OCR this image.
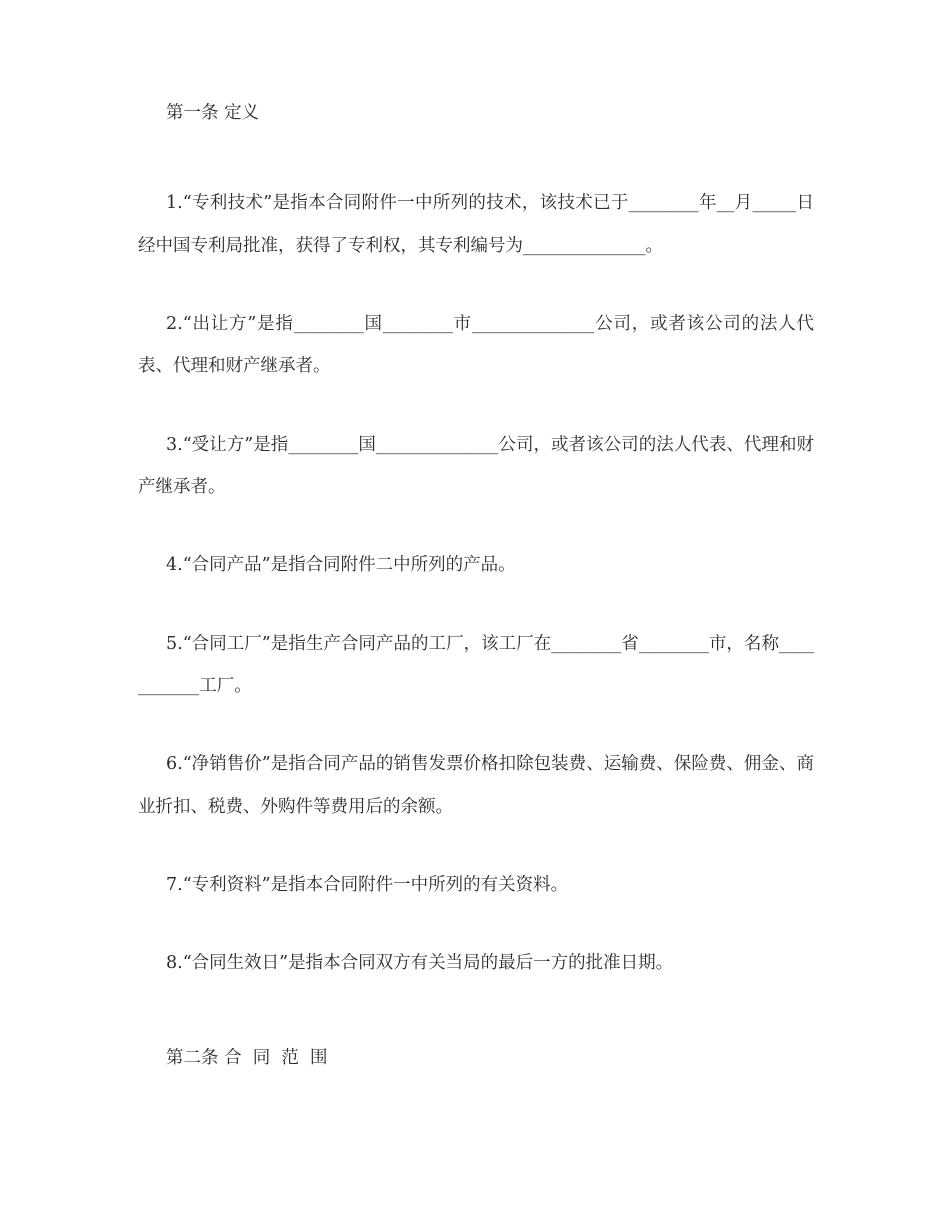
第一条 定义

1.“专利技术”是指本合同附件一中所列的技术，该技术已于________年__月_____日经中国专利局批准，获得了专利权，其专利编号为______________。

2.“出让方”是指________国________市______________公司，或者该公司的法人代表、代理和财产继承者。

3.“受让方”是指________国______________公司，或者该公司的法人代表、代理和财产继承者。

4.“合同产品”是指合同附件二中所列的产品。

5.“合同工厂”是指生产合同产品的工厂，该工厂在________省________市，名称___________工厂。

6.“净销售价”是指合同产品的销售发票价格扣除包装费、运输费、保险费、佣金、商业折扣、税费、外购件等费用后的余额。

7.“专利资料”是指本合同附件一中所列的有关资料。

8.“合同生效日”是指本合同双方有关当局的最后一方的批准日期。

第二条 合  同  范  围
